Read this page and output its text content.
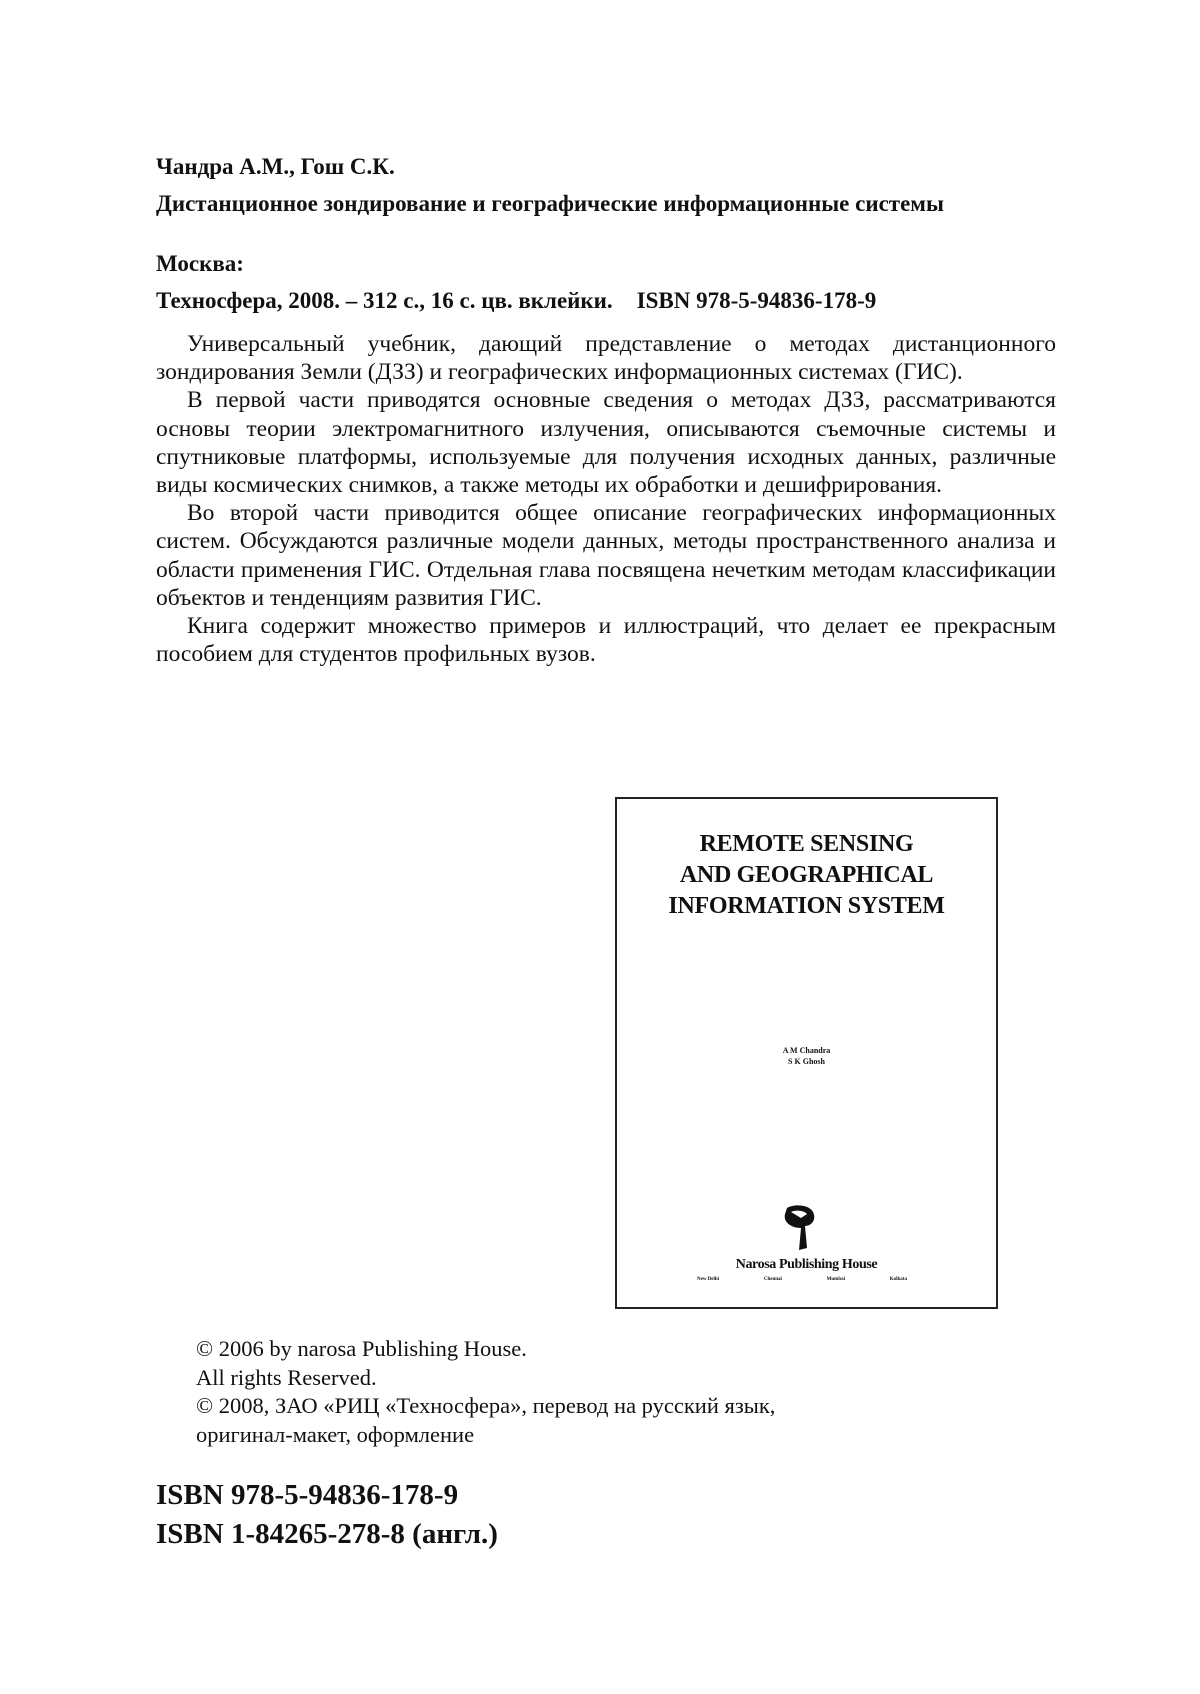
Чандра А.М., Гош С.К.
Дистанционное зондирование и географические информационные системы
Москва:
Техносфера, 2008. – 312 с., 16 с. цв. вклейки. ISBN 978-5-94836-178-9

Универсальный учебник, дающий представление о методах дистанционного зондирования Земли (ДЗЗ) и географических информационных системах (ГИС).

В первой части приводятся основные сведения о методах ДЗЗ, рассматриваются основы теории электромагнитного излучения, описываются съемочные системы и спутниковые платформы, используемые для получения исходных данных, различные виды космических снимков, а также методы их обработки и дешифрирования.

Во второй части приводится общее описание географических информационных систем. Обсуждаются различные модели данных, методы пространственного анализа и области применения ГИС. Отдельная глава посвящена нечетким методам классификации объектов и тенденциям развития ГИС.

Книга содержит множество примеров и иллюстраций, что делает ее прекрасным пособием для студентов профильных вузов.

REMOTE SENSING
AND GEOGRAPHICAL
INFORMATION SYSTEM
A M Chandra
S K Ghosh
Narosa Publishing House
New Delhi	Chennai	Mumbai	Kolkata
© 2006 by narosa Publishing House.
All rights Reserved.
© 2008, ЗАО «РИЦ «Техносфера», перевод на русский язык,
оригинал-макет, оформление
ISBN 978-5-94836-178-9
ISBN 1-84265-278-8 (англ.)
